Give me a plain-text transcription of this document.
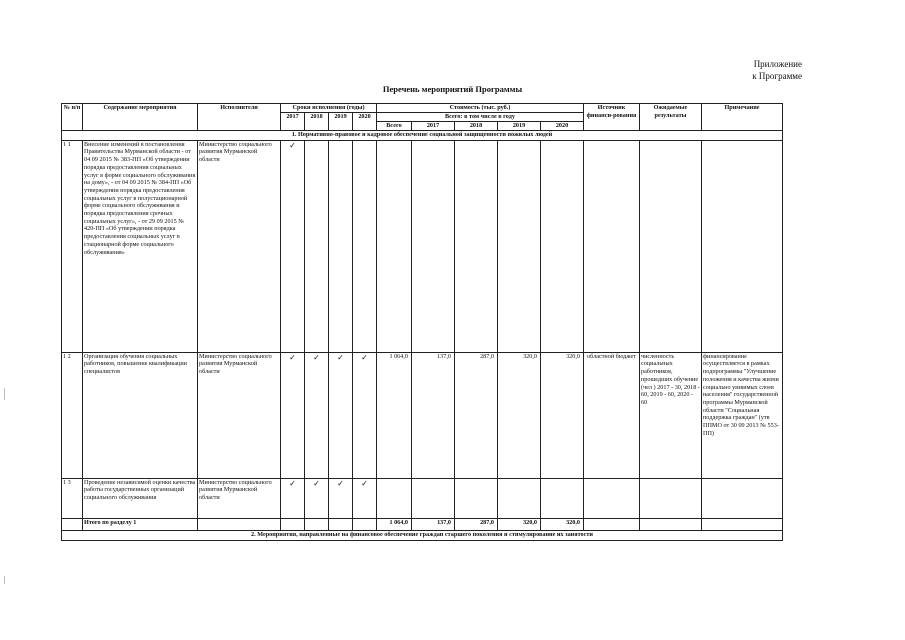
Приложение
к Программе
Перечень мероприятий Программы
№ п/п	Содержание мероприятия	Исполнители	Сроки исполнения (годы)				Стоимость (тыс. руб.)					Источник финанси-рования	Ожидаемые результаты	Примечание
			2017	2018	2019	2020	Всего: в том числе в году							
							Всего	2017	2018	2019	2020			
1. Нормативно-правовое и кадровое обеспечение социальной защищенности пожилых людей														
1 1	Внесение изменений в постановления Правительства Мурманской области - от 04 09 2015 № 383-ПП «Об утверждении порядка предоставления социальных услуг в форме социального обслуживания на дому», - от 04 09 2015 № 384-ПП «Об утверждении порядка предоставления социальных услуг в полустационарной форме социального обслуживания и порядка предоставления срочных социальных услуг», - от 29 09 2015 № 420-ПП «Об утверждении порядка предоставления социальных услуг в стационарной форме социального обслуживания»	Министерство социального развития Мурманской области	✓											
1 2	Организация обучения социальных работников, повышение квалификации специалистов	Министерство социального развития Мурманской области	✓	✓	✓	✓	1 064,0	137,0	287,0	320,0	320,0	областной бюджет	численность социальных работников, прошедших обучение (чел ) 2017 - 30, 2018 - 60, 2019 - 60, 2020 - 60	финансирование осуществляется в рамках подпрограммы "Улучшение положения и качества жизни социально уязвимых слоев населения" государственной программы Мурманской области "Социальная поддержка граждан" (утв ППМО от 30 09 2013 № 553-ПП)
1 3	Проведение независимой оценки качества работы государственных организаций социального обслуживания	Министерство социального развития Мурманской области	✓	✓	✓	✓								
	Итого по разделу 1						1 064,0	137,0	287,0	320,0	320,0			
2. Мероприятия, направленные на финансовое обеспечение граждан старшего поколения и стимулирование их занятости														
